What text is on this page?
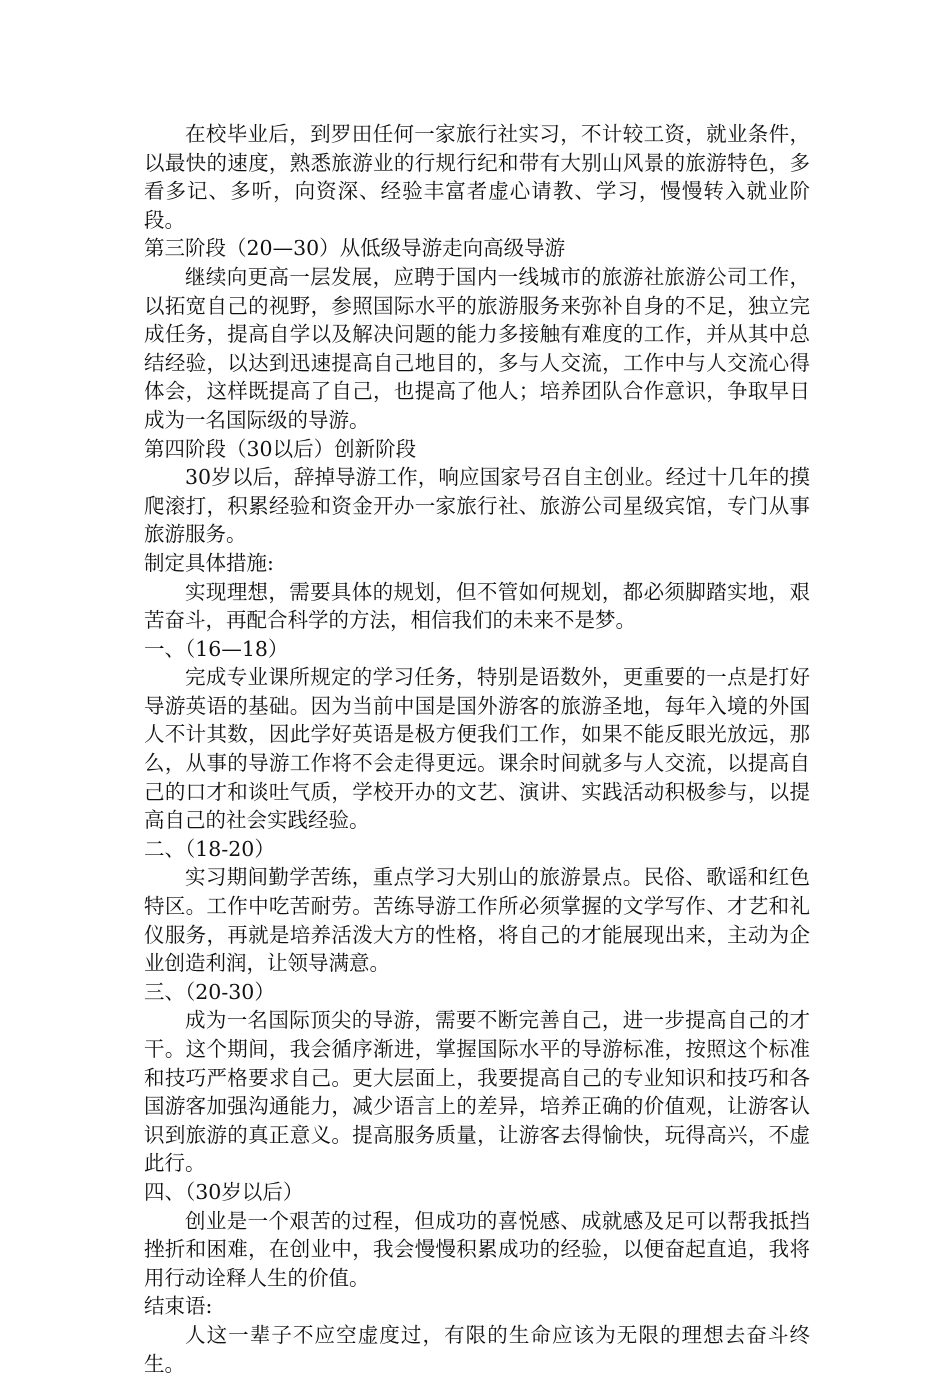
在校毕业后，到罗田任何一家旅行社实习，不计较工资，就业条件，以最快的速度，熟悉旅游业的行规行纪和带有大别山风景的旅游特色，多看多记、多听，向资深、经验丰富者虚心请教、学习，慢慢转入就业阶段。

第三阶段（20—30）从低级导游走向高级导游

继续向更高一层发展，应聘于国内一线城市的旅游社旅游公司工作，以拓宽自己的视野，参照国际水平的旅游服务来弥补自身的不足，独立完成任务，提高自学以及解决问题的能力多接触有难度的工作，并从其中总结经验，以达到迅速提高自己地目的，多与人交流，工作中与人交流心得体会，这样既提高了自己，也提高了他人；培养团队合作意识，争取早日成为一名国际级的导游。

第四阶段（30以后）创新阶段

30岁以后，辞掉导游工作，响应国家号召自主创业。经过十几年的摸爬滚打，积累经验和资金开办一家旅行社、旅游公司星级宾馆，专门从事旅游服务。

制定具体措施:

实现理想，需要具体的规划，但不管如何规划，都必须脚踏实地，艰苦奋斗，再配合科学的方法，相信我们的未来不是梦。

一、（16—18）

完成专业课所规定的学习任务，特别是语数外，更重要的一点是打好导游英语的基础。因为当前中国是国外游客的旅游圣地，每年入境的外国人不计其数，因此学好英语是极方便我们工作，如果不能反眼光放远，那么，从事的导游工作将不会走得更远。课余时间就多与人交流，以提高自己的口才和谈吐气质，学校开办的文艺、演讲、实践活动积极参与，以提高自己的社会实践经验。

二、（18-20）

实习期间勤学苦练，重点学习大别山的旅游景点。民俗、歌谣和红色特区。工作中吃苦耐劳。苦练导游工作所必须掌握的文学写作、才艺和礼仪服务，再就是培养活泼大方的性格，将自己的才能展现出来，主动为企业创造利润，让领导满意。

三、（20-30）

成为一名国际顶尖的导游，需要不断完善自己，进一步提高自己的才干。这个期间，我会循序渐进，掌握国际水平的导游标准，按照这个标准和技巧严格要求自己。更大层面上，我要提高自己的专业知识和技巧和各国游客加强沟通能力，减少语言上的差异，培养正确的价值观，让游客认识到旅游的真正意义。提高服务质量，让游客去得愉快，玩得高兴，不虚此行。

四、（30岁以后）

创业是一个艰苦的过程，但成功的喜悦感、成就感及足可以帮我抵挡挫折和困难，在创业中，我会慢慢积累成功的经验，以便奋起直追，我将用行动诠释人生的价值。

结束语:

人这一辈子不应空虚度过，有限的生命应该为无限的理想去奋斗终生。
